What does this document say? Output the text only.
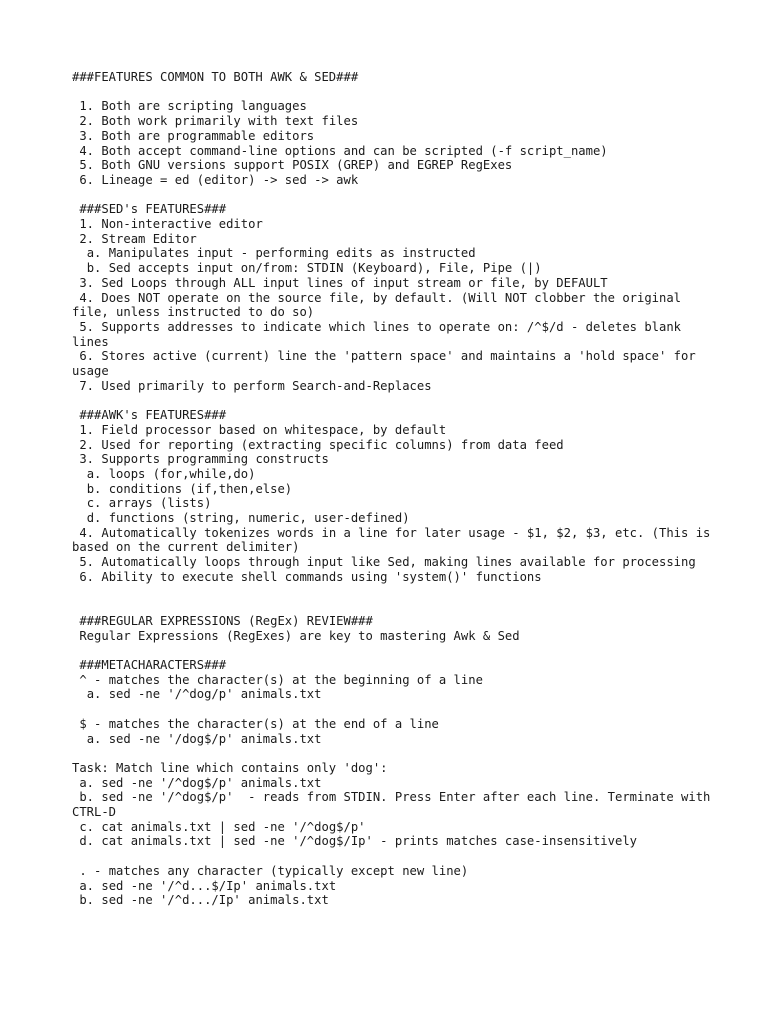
###FEATURES COMMON TO BOTH AWK & SED###
1. Both are scripting languages
2. Both work primarily with text files
3. Both are programmable editors
4. Both accept command-line options and can be scripted (-f script_name)
5. Both GNU versions support POSIX (GREP) and EGREP RegExes
6. Lineage = ed (editor) -> sed -> awk
###SED's FEATURES###
1. Non-interactive editor
2. Stream Editor
a. Manipulates input - performing edits as instructed
b. Sed accepts input on/from: STDIN (Keyboard), File, Pipe (|)
3. Sed Loops through ALL input lines of input stream or file, by DEFAULT
4. Does NOT operate on the source file, by default. (Will NOT clobber the original file, unless instructed to do so)
5. Supports addresses to indicate which lines to operate on: /^$/d - deletes blank lines
6. Stores active (current) line the 'pattern space' and maintains a 'hold space' for usage
7. Used primarily to perform Search-and-Replaces
###AWK's FEATURES###
1. Field processor based on whitespace, by default
2. Used for reporting (extracting specific columns) from data feed
3. Supports programming constructs
a. loops (for,while,do)
b. conditions (if,then,else)
c. arrays (lists)
d. functions (string, numeric, user-defined)
4. Automatically tokenizes words in a line for later usage - $1, $2, $3, etc. (This is based on the current delimiter)
5. Automatically loops through input like Sed, making lines available for processing
6. Ability to execute shell commands using 'system()' functions
###REGULAR EXPRESSIONS (RegEx) REVIEW###
Regular Expressions (RegExes) are key to mastering Awk & Sed
###METACHARACTERS###
^ - matches the character(s) at the beginning of a line
a. sed -ne '/^dog/p' animals.txt
$ - matches the character(s) at the end of a line
a. sed -ne '/dog$/p' animals.txt
Task: Match line which contains only 'dog':
a. sed -ne '/^dog$/p' animals.txt
b. sed -ne '/^dog$/p'  - reads from STDIN. Press Enter after each line. Terminate with CTRL-D
c. cat animals.txt | sed -ne '/^dog$/p'
d. cat animals.txt | sed -ne '/^dog$/Ip' - prints matches case-insensitively
. - matches any character (typically except new line)
a. sed -ne '/^d...$/Ip' animals.txt
b. sed -ne '/^d.../Ip' animals.txt
